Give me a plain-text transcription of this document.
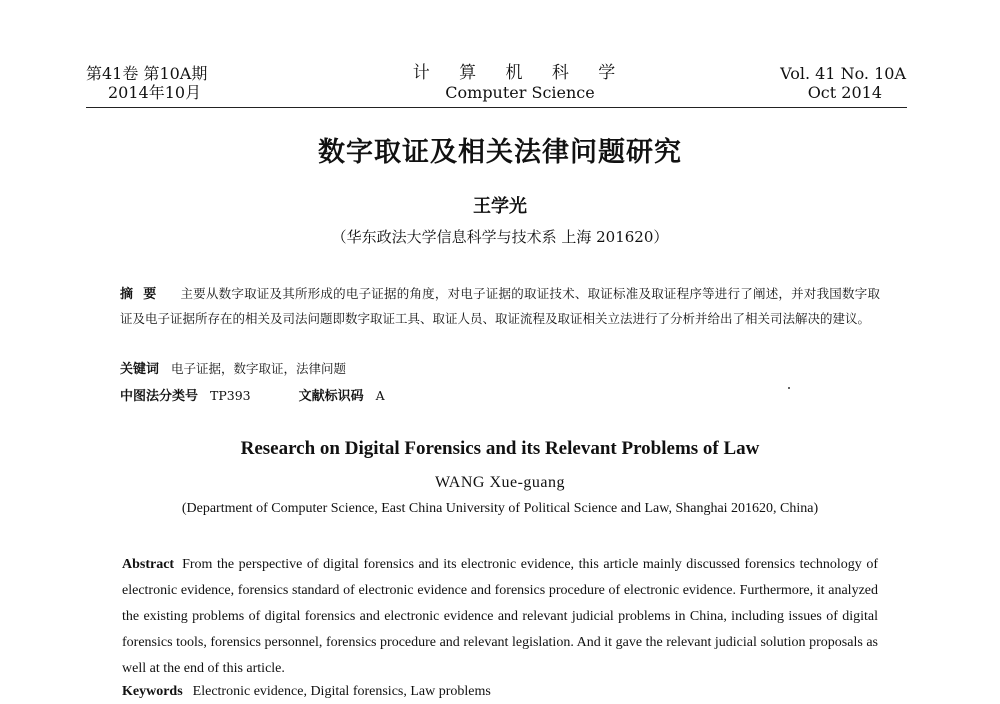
第41卷 第10A期
2014年10月
计 算 机 科 学
Computer Science
Vol. 41 No. 10A
Oct 2014
数字取证及相关法律问题研究
王学光
（华东政法大学信息科学与技术系 上海 201620）
摘要 主要从数字取证及其所形成的电子证据的角度，对电子证据的取证技术、取证标准及取证程序等进行了阐述，并对我国数字取证及电子证据所存在的相关及司法问题即数字取证工具、取证人员、取证流程及取证相关立法进行了分析并给出了相关司法解决的建议。
关键词 电子证据，数字取证，法律问题
中图法分类号 TP393	文献标识码 A
Research on Digital Forensics and its Relevant Problems of Law
WANG Xue-guang
(Department of Computer Science, East China University of Political Science and Law, Shanghai 201620, China)
Abstract From the perspective of digital forensics and its electronic evidence, this article mainly discussed forensics technology of electronic evidence, forensics standard of electronic evidence and forensics procedure of electronic evidence. Furthermore, it analyzed the existing problems of digital forensics and electronic evidence and relevant judicial problems in China, including issues of digital forensics tools, forensics personnel, forensics procedure and relevant legislation. And it gave the relevant judicial solution proposals as well at the end of this article.
Keywords Electronic evidence, Digital forensics, Law problems
